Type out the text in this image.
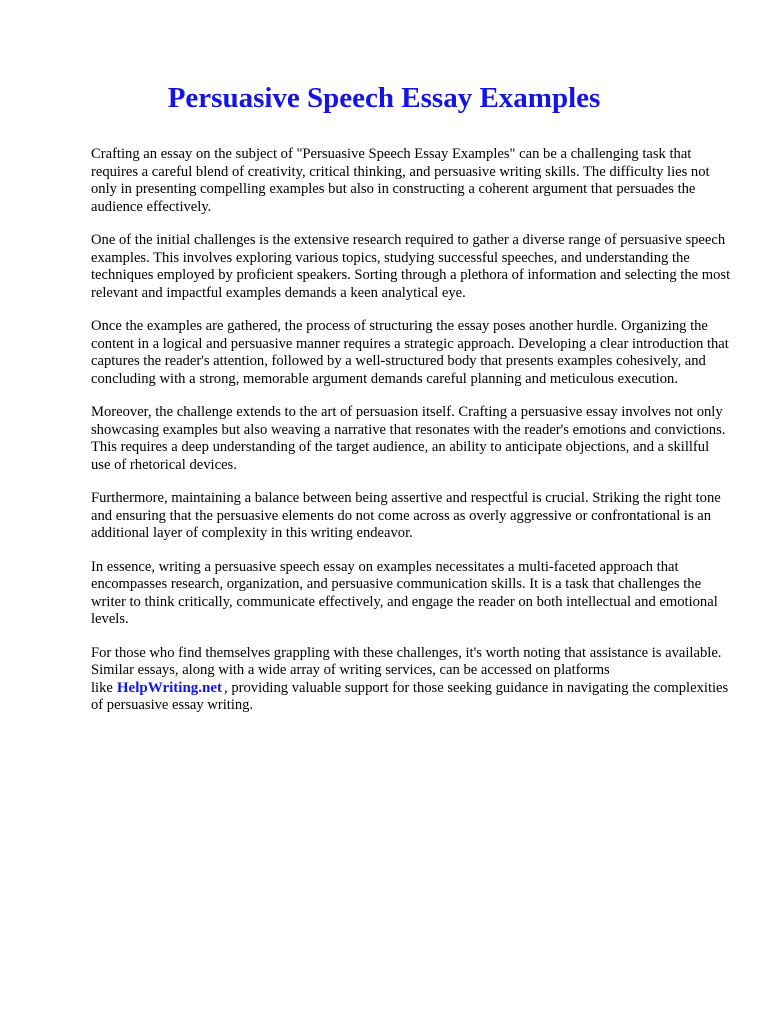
Persuasive Speech Essay Examples

Crafting an essay on the subject of "Persuasive Speech Essay Examples" can be a challenging task that requires a careful blend of creativity, critical thinking, and persuasive writing skills. The difficulty lies not only in presenting compelling examples but also in constructing a coherent argument that persuades the audience effectively.

One of the initial challenges is the extensive research required to gather a diverse range of persuasive speech examples. This involves exploring various topics, studying successful speeches, and understanding the techniques employed by proficient speakers. Sorting through a plethora of information and selecting the most relevant and impactful examples demands a keen analytical eye.

Once the examples are gathered, the process of structuring the essay poses another hurdle. Organizing the content in a logical and persuasive manner requires a strategic approach. Developing a clear introduction that captures the reader's attention, followed by a well-structured body that presents examples cohesively, and concluding with a strong, memorable argument demands careful planning and meticulous execution.

Moreover, the challenge extends to the art of persuasion itself. Crafting a persuasive essay involves not only showcasing examples but also weaving a narrative that resonates with the reader's emotions and convictions. This requires a deep understanding of the target audience, an ability to anticipate objections, and a skillful use of rhetorical devices.

Furthermore, maintaining a balance between being assertive and respectful is crucial. Striking the right tone and ensuring that the persuasive elements do not come across as overly aggressive or confrontational is an additional layer of complexity in this writing endeavor.

In essence, writing a persuasive speech essay on examples necessitates a multi-faceted approach that encompasses research, organization, and persuasive communication skills. It is a task that challenges the writer to think critically, communicate effectively, and engage the reader on both intellectual and emotional levels.

For those who find themselves grappling with these challenges, it's worth noting that assistance is available. Similar essays, along with a wide array of writing services, can be accessed on platforms like HelpWriting.net , providing valuable support for those seeking guidance in navigating the complexities of persuasive essay writing.
